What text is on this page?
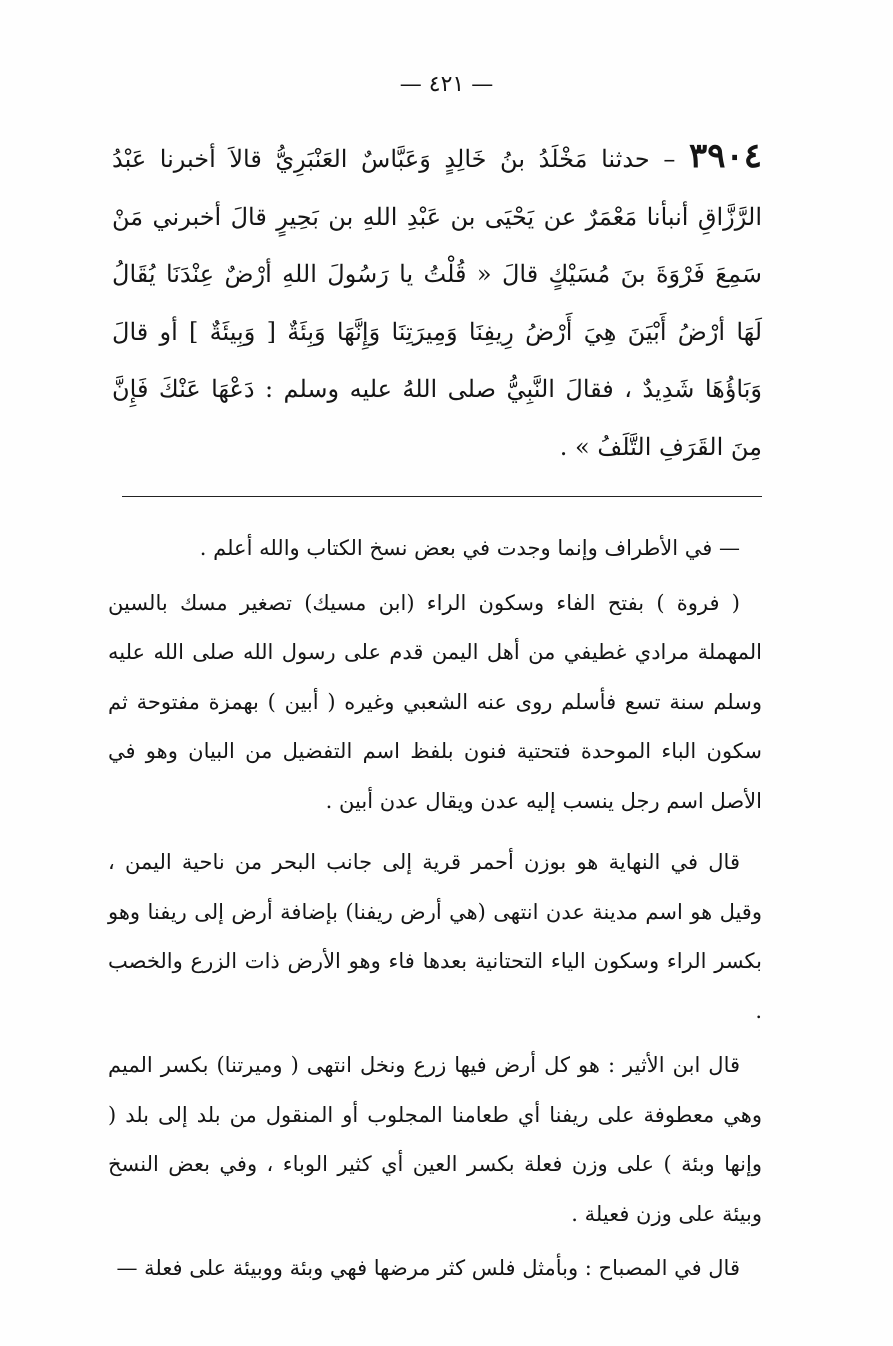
— ٤٢١ —
٣٩٠٤ – حدثنا مَخْلَدُ بنُ خَالِدٍ وَعَبَّاسٌ العَنْبَرِيُّ قالاَ أخبرنا عَبْدُ الرَّزَّاقِ أنبأنا مَعْمَرٌ عن يَحْيَى بن عَبْدِ اللهِ بن بَحِيرٍ قالَ أخبرني مَنْ سَمِعَ فَرْوَةَ بنَ مُسَيْكٍ قالَ « قُلْتُ يا رَسُولَ اللهِ أرْضٌ عِنْدَنَا يُقَالُ لَهَا أرْضُ أَبْيَنَ هِيَ أَرْضُ رِيفِنَا وَمِيرَتِنَا وَإِنَّهَا وَبِئَةٌ [ وَبِيئَةٌ ] أو قالَ وَبَاؤُهَا شَدِيدٌ ، فقالَ النَّبِيُّ صلى اللهُ عليه وسلم : دَعْهَا عَنْكَ فَإِنَّ مِنَ القَرَفِ التَّلَفُ » .

— في الأطراف وإنما وجدت في بعض نسخ الكتاب والله أعلم .

( فروة ) بفتح الفاء وسكون الراء (ابن مسيك) تصغير مسك بالسين المهملة مرادي غطيفي من أهل اليمن قدم على رسول الله صلى الله عليه وسلم سنة تسع فأسلم روى عنه الشعبي وغيره ( أبين ) بهمزة مفتوحة ثم سكون الباء الموحدة فتحتية فنون بلفظ اسم التفضيل من البيان وهو في الأصل اسم رجل ينسب إليه عدن ويقال عدن أبين .

قال في النهاية هو بوزن أحمر قرية إلى جانب البحر من ناحية اليمن ، وقيل هو اسم مدينة عدن انتهى (هي أرض ريفنا) بإضافة أرض إلى ريفنا وهو بكسر الراء وسكون الياء التحتانية بعدها فاء وهو الأرض ذات الزرع والخصب .

قال ابن الأثير : هو كل أرض فيها زرع ونخل انتهى ( وميرتنا) بكسر الميم وهي معطوفة على ريفنا أي طعامنا المجلوب أو المنقول من بلد إلى بلد ( وإنها وبئة ) على وزن فعلة بكسر العين أي كثير الوباء ، وفي بعض النسخ وبيئة على وزن فعيلة .

قال في المصباح : وبأمثل فلس كثر مرضها فهي وبئة ووبيئة على فعلة —
